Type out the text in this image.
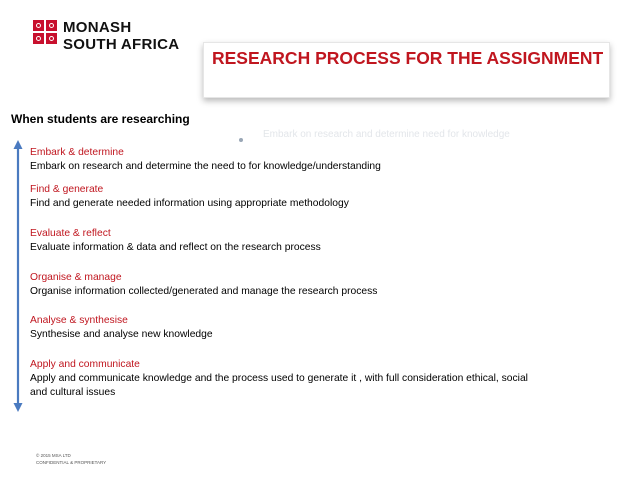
MONASH
SOUTH AFRICA
RESEARCH PROCESS FOR THE ASSIGNMENT
When students are researching
Embark on research and determine need for knowledge
Embark & determine
Embark on research and determine the need to for knowledge/understanding
Find & generate
Find and generate needed information using appropriate methodology
Evaluate & reflect
Evaluate information & data and reflect on the research process
Organise & manage
Organise information collected/generated and manage the research process
Analyse & synthesise
Synthesise and analyse new knowledge
Apply and communicate
Apply and communicate knowledge and the process used to generate it , with full consideration ethical, social
and cultural issues
© 2015 MSA LTD
CONFIDENTIAL & PROPRIETARY
